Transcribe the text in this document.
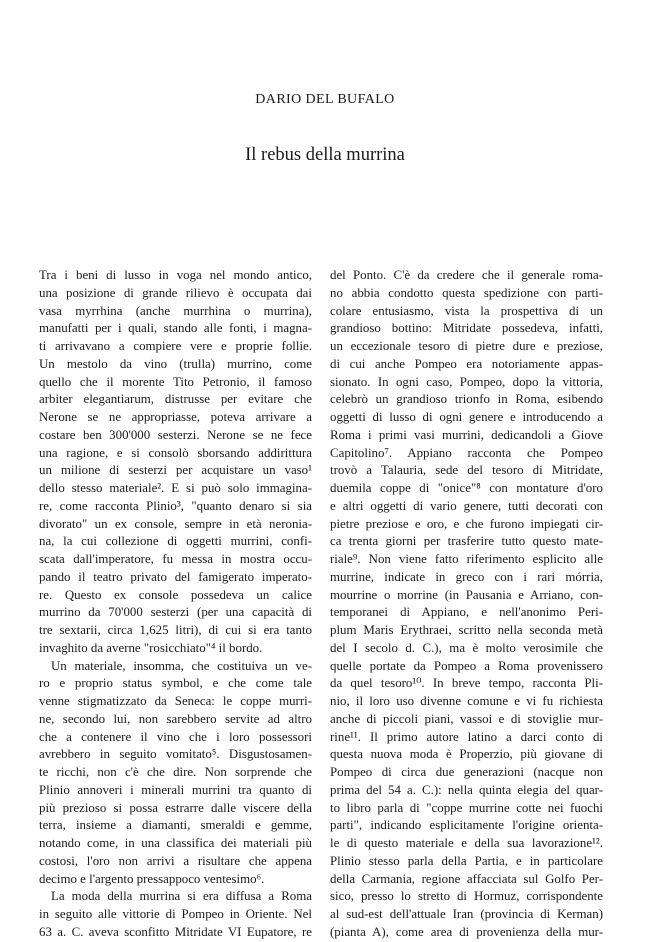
DARIO DEL BUFALO
Il rebus della murrina
Tra i beni di lusso in voga nel mondo antico,
una posizione di grande rilievo è occupata dai
vasa myrrhina (anche murrhina o murrina),
manufatti per i quali, stando alle fonti, i magna-
ti arrivavano a compiere vere e proprie follie.
Un mestolo da vino (trulla) murrino, come
quello che il morente Tito Petronio, il famoso
arbiter elegantiarum, distrusse per evitare che
Nerone se ne appropriasse, poteva arrivare a
costare ben 300'000 sesterzi. Nerone se ne fece
una ragione, e si consolò sborsando addirittura
un milione di sesterzi per acquistare un vaso¹
dello stesso materiale². E si può solo immagina-
re, come racconta Plinio³, "quanto denaro si sia
divorato" un ex console, sempre in età neroniа-
na, la cui collezione di oggetti murrini, confi-
scata dall'imperatore, fu messa in mostra occu-
pando il teatro privato del famigerato imperato-
re. Questo ex console possedeva un calice
murrino da 70'000 sesterzi (per una capacità di
tre sextarii, circa 1,625 litri), di cui si era tanto
invaghito da averne "rosicchiato"⁴ il bordo.
Un materiale, insomma, che costituiva un ve-
ro e proprio status symbol, e che come tale
venne stigmatizzato da Seneca: le coppe murri-
ne, secondo lui, non sarebbero servite ad altro
che a contenere il vino che i loro possessori
avrebbero in seguito vomitato⁵. Disgustosamen-
te ricchi, non c'è che dire. Non sorprende che
Plinio annoveri i minerali murrini tra quanto di
più prezioso si possa estrarre dalle viscere della
terra, insieme a diamanti, smeraldi e gemme,
notando come, in una classifica dei materiali più
costosi, l'oro non arrivi a risultare che appena
decimo e l'argento pressappoco ventesimo⁶.
La moda della murrina si era diffusa a Roma
in seguito alle vittorie di Pompeo in Oriente. Nel
63 a. C. aveva sconfitto Mitridate VI Eupatore, re
del Ponto. C'è da credere che il generale roma-
no abbia condotto questa spedizione con parti-
colare entusiasmo, vista la prospettiva di un
grandioso bottino: Mitridate possedeva, infatti,
un eccezionale tesoro di pietre dure e preziose,
di cui anche Pompeo era notoriamente appas-
sionato. In ogni caso, Pompeo, dopo la vittoria,
celebrò un grandioso trionfo in Roma, esibendo
oggetti di lusso di ogni genere e introducendo a
Roma i primi vasi murrini, dedicandoli a Giove
Capitolino⁷. Appiano racconta che Pompeo
trovò a Talauria, sede del tesoro di Mitridate,
duemila coppe di "onice"⁸ con montature d'oro
e altri oggetti di vario genere, tutti decorati con
pietre preziose e oro, e che furono impiegati cir-
ca trenta giorni per trasferire tutto questo mate-
riale⁹. Non viene fatto riferimento esplicito alle
murrine, indicate in greco con i rari mórria,
mourrine o morrine (in Pausania e Arriano, con-
temporanei di Appiano, e nell'anonimo Peri-
plum Maris Erythraei, scritto nella seconda metà
del I secolo d. C.), ma è molto verosimile che
quelle portate da Pompeo a Roma provenissero
da quel tesoro¹⁰. In breve tempo, racconta Pli-
nio, il loro uso divenne comune e vi fu richiesta
anche di piccoli piani, vassoi e di stoviglie mur-
rine¹¹. Il primo autore latino a darci conto di
questa nuova moda è Properzio, più giovane di
Pompeo di circa due generazioni (nacque non
prima del 54 a. C.): nella quinta elegia del quar-
to libro parla di "coppe murrine cotte nei fuochi
parti", indicando esplicitamente l'origine orienta-
le di questo materiale e della sua lavorazione¹².
Plinio stesso parla della Partia, e in particolare
della Carmania, regione affacciata sul Golfo Per-
sico, presso lo stretto di Hormuz, corrispondente
al sud-est dell'attuale Iran (provincia di Kerman)
(pianta A), come area di provenienza della mur-
